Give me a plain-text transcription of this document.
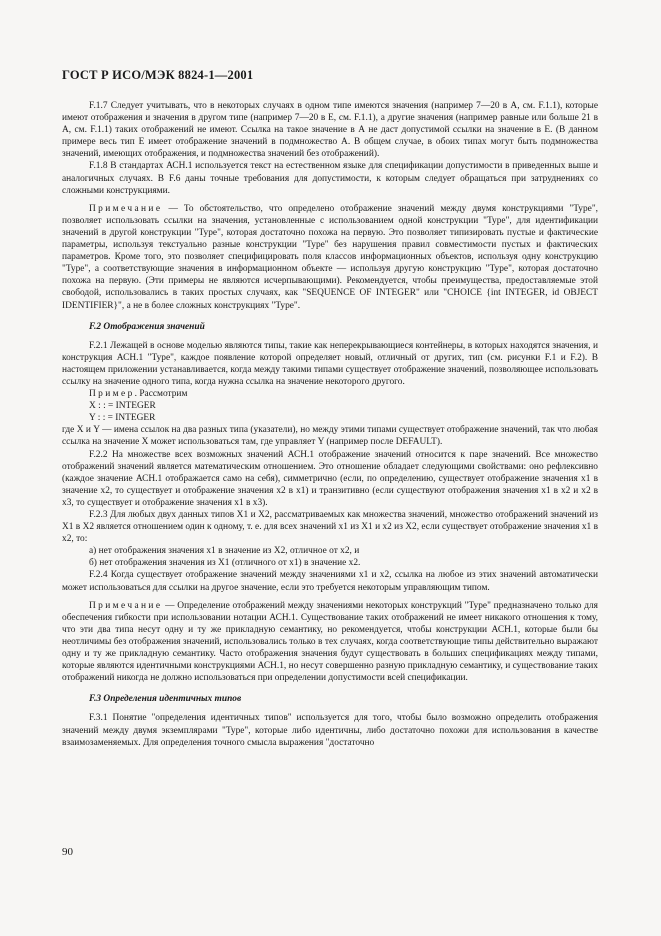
ГОСТ Р ИСО/МЭК 8824-1—2001

F.1.7 Следует учитывать, что в некоторых случаях в одном типе имеются значения (например 7—20 в А, см. F.1.1), которые имеют отображения и значения в другом типе (например 7—20 в Е, см. F.1.1), а другие значения (например равные или больше 21 в А, см. F.1.1) таких отображений не имеют. Ссылка на такое значение в А не даст допустимой ссылки на значение в Е. (В данном примере весь тип Е имеет отображение значений в подмножество А. В общем случае, в обоих типах могут быть подмножества значений, имеющих отображения, и подмножества значений без отображений).

F.1.8 В стандартах АСН.1 используется текст на естественном языке для спецификации допустимости в приведенных выше и аналогичных случаях. В F.6 даны точные требования для допустимости, к которым следует обращаться при затруднениях со сложными конструкциями.

Примечание — То обстоятельство, что определено отображение значений между двумя конструкциями "Type", позволяет использовать ссылки на значения, установленные с использованием одной конструкции "Type", для идентификации значений в другой конструкции "Type", которая достаточно похожа на первую. Это позволяет типизировать пустые и фактические параметры, используя текстуально разные конструкции "Type" без нарушения правил совместимости пустых и фактических параметров. Кроме того, это позволяет специфицировать поля классов информационных объектов, используя одну конструкцию "Type", а соответствующие значения в информационном объекте — используя другую конструкцию "Type", которая достаточно похожа на первую. (Эти примеры не являются исчерпывающими). Рекомендуется, чтобы преимущества, предоставляемые этой свободой, использовались в таких простых случаях, как "SEQUENCE OF INTEGER" или "CHOICE {int INTEGER, id OBJECT IDENTIFIER}", а не в более сложных конструкциях "Type".

F.2 Отображения значений

F.2.1 Лежащей в основе моделью являются типы, такие как неперекрывающиеся контейнеры, в которых находятся значения, и конструкция АСН.1 "Type", каждое появление которой определяет новый, отличный от других, тип (см. рисунки F.1 и F.2). В настоящем приложении устанавливается, когда между такими типами существует отображение значений, позволяющее использовать ссылку на значение одного типа, когда нужна ссылка на значение некоторого другого.

Пример. Рассмотрим

X : : = INTEGER

Y : : = INTEGER

где X и Y — имена ссылок на два разных типа (указатели), но между этими типами существует отображение значений, так что любая ссылка на значение X может использоваться там, где управляет Y (например после DEFAULT).

F.2.2 На множестве всех возможных значений АСН.1 отображение значений относится к паре значений. Все множество отображений значений является математическим отношением. Это отношение обладает следующими свойствами: оно рефлексивно (каждое значение АСН.1 отображается само на себя), симметрично (если, по определению, существует отображение значения x1 в значение x2, то существует и отображение значения x2 в x1) и транзитивно (если существуют отображения значения x1 в x2 и x2 в x3, то существует и отображение значения x1 в x3).

F.2.3 Для любых двух данных типов X1 и X2, рассматриваемых как множества значений, множество отображений значений из X1 в X2 является отношением один к одному, т. е. для всех значений x1 из X1 и x2 из X2, если существует отображение значения x1 в x2, то:

а) нет отображения значения x1 в значение из X2, отличное от x2, и

б) нет отображения значения из X1 (отличного от x1) в значение x2.

F.2.4 Когда существует отображение значений между значениями x1 и x2, ссылка на любое из этих значений автоматически может использоваться для ссылки на другое значение, если это требуется некоторым управляющим типом.

Примечание — Определение отображений между значениями некоторых конструкций "Type" предназначено только для обеспечения гибкости при использовании нотации АСН.1. Существование таких отображений не имеет никакого отношения к тому, что эти два типа несут одну и ту же прикладную семантику, но рекомендуется, чтобы конструкции АСН.1, которые были бы неотличимы без отображения значений, использовались только в тех случаях, когда соответствующие типы действительно выражают одну и ту же прикладную семантику. Часто отображения значения будут существовать в больших спецификациях между типами, которые являются идентичными конструкциями АСН.1, но несут совершенно разную прикладную семантику, и существование таких отображений никогда не должно использоваться при определении допустимости всей спецификации.

F.3 Определения идентичных типов

F.3.1 Понятие "определения идентичных типов" используется для того, чтобы было возможно определить отображения значений между двумя экземплярами "Type", которые либо идентичны, либо достаточно похожи для использования в качестве взаимозаменяемых. Для определения точного смысла выражения "достаточно

90
